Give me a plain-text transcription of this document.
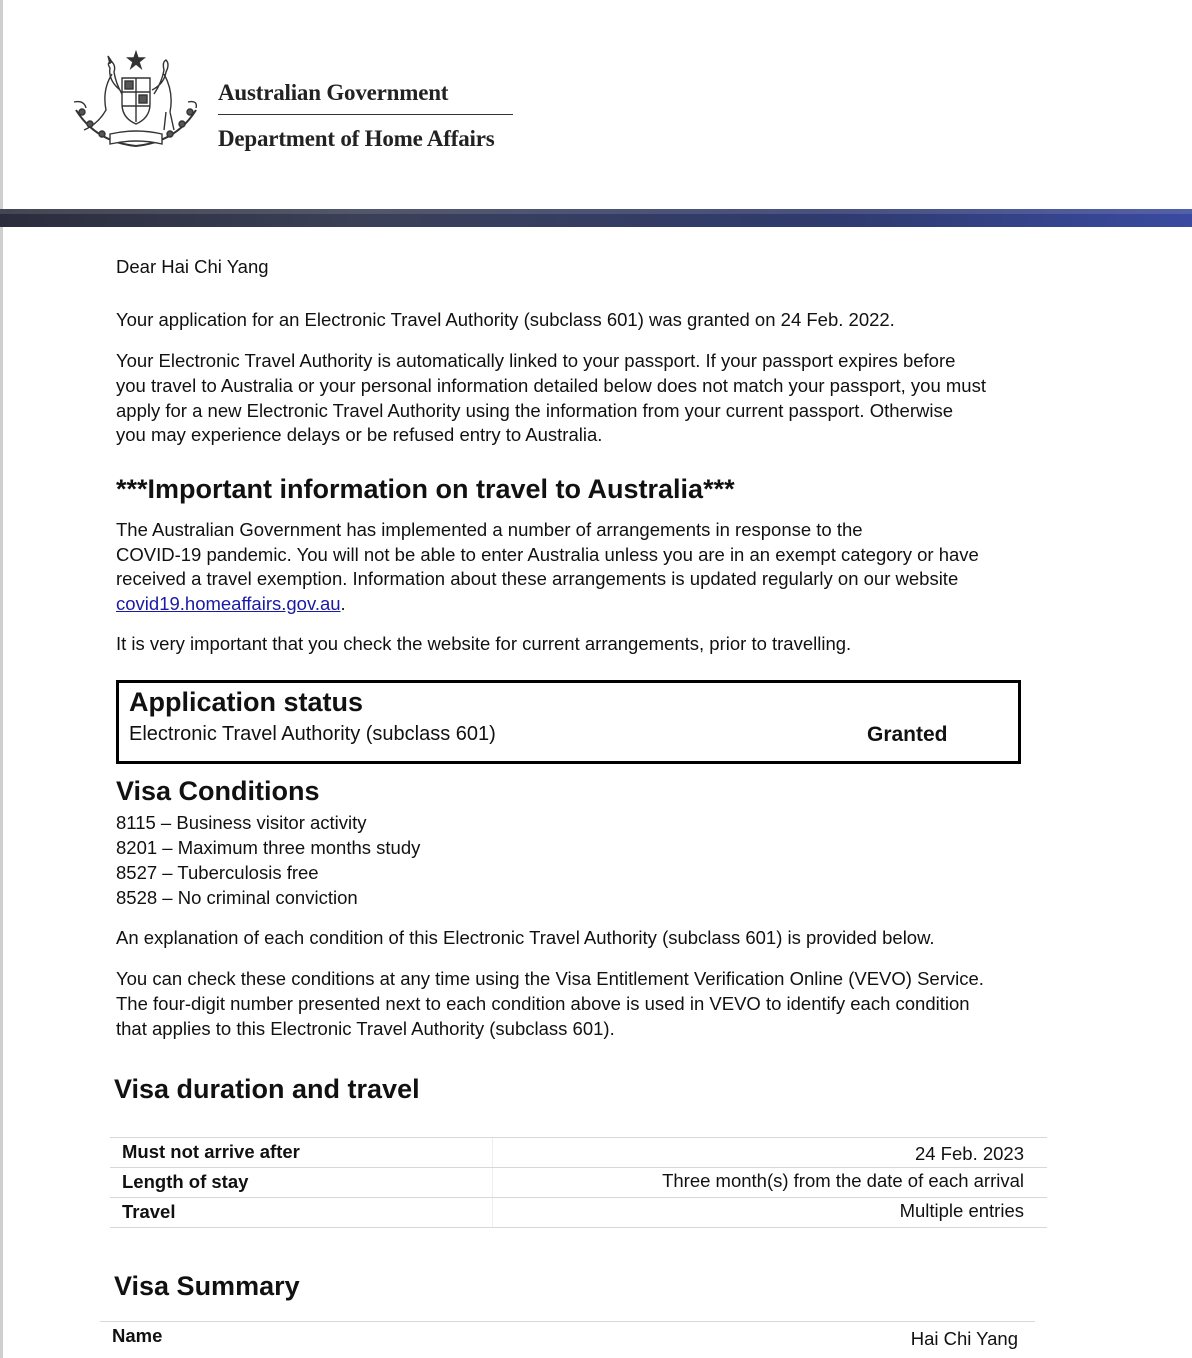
Australian Government
Department of Home Affairs
Dear Hai Chi Yang
Your application for an Electronic Travel Authority (subclass 601) was granted on 24 Feb. 2022.
Your Electronic Travel Authority is automatically linked to your passport. If your passport expires before
you travel to Australia or your personal information detailed below does not match your passport, you must
apply for a new Electronic Travel Authority using the information from your current passport. Otherwise
you may experience delays or be refused entry to Australia.
***Important information on travel to Australia***
The Australian Government has implemented a number of arrangements in response to the
COVID-19 pandemic. You will not be able to enter Australia unless you are in an exempt category or have
received a travel exemption. Information about these arrangements is updated regularly on our website
covid19.homeaffairs.gov.au.
It is very important that you check the website for current arrangements, prior to travelling.
Application status
Electronic Travel Authority (subclass 601)	Granted
Visa Conditions
8115 – Business visitor activity
8201 – Maximum three months study
8527 – Tuberculosis free
8528 – No criminal conviction
An explanation of each condition of this Electronic Travel Authority (subclass 601) is provided below.
You can check these conditions at any time using the Visa Entitlement Verification Online (VEVO) Service.
The four-digit number presented next to each condition above is used in VEVO to identify each condition
that applies to this Electronic Travel Authority (subclass 601).
Visa duration and travel
Must not arrive after	24 Feb. 2023
Length of stay	Three month(s) from the date of each arrival
Travel	Multiple entries
Visa Summary
Name	Hai Chi Yang
